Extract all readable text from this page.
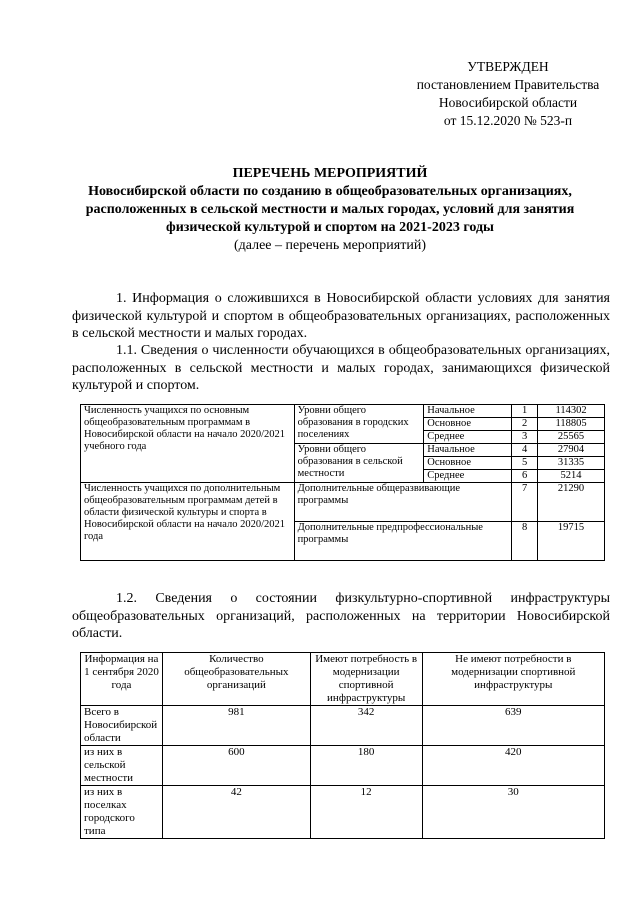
УТВЕРЖДЕН
постановлением Правительства
Новосибирской области
от 15.12.2020 № 523-п
ПЕРЕЧЕНЬ МЕРОПРИЯТИЙ
Новосибирской области по созданию в общеобразовательных организациях,
расположенных в сельской местности и малых городах, условий для занятия
физической культурой и спортом на 2021-2023 годы
(далее – перечень мероприятий)
1. Информация о сложившихся в Новосибирской области условиях для занятия физической культурой и спортом в общеобразовательных организациях, расположенных в сельской местности и малых городах.
1.1. Сведения о численности обучающихся в общеобразовательных организациях, расположенных в сельской местности и малых городах, занимающихся физической культурой и спортом.
Численность учащихся по основным общеобразовательным программам в Новосибирской области на начало 2020/2021 учебного года	Уровни общего образования в городских поселениях	Начальное	1	114302
		Основное	2	118805
		Среднее	3	25565
	Уровни общего образования в сельской местности	Начальное	4	27904
		Основное	5	31335
		Среднее	6	5214
Численность учащихся по дополнительным общеобразовательным программам детей в области физической культуры и спорта в Новосибирской области на начало 2020/2021 года	Дополнительные общеразвивающие программы		7	21290
	Дополнительные предпрофессиональные программы		8	19715
1.2. Сведения о состоянии физкультурно-спортивной инфраструктуры общеобразовательных организаций, расположенных на территории Новосибирской области.
Информация на 1 сентября 2020 года	Количество общеобразовательных организаций	Имеют потребность в модернизации спортивной инфраструктуры	Не имеют потребности в модернизации спортивной инфраструктуры
Всего в Новосибирской области	981	342	639
из них в сельской местности	600	180	420
из них в поселках городского типа	42	12	30
